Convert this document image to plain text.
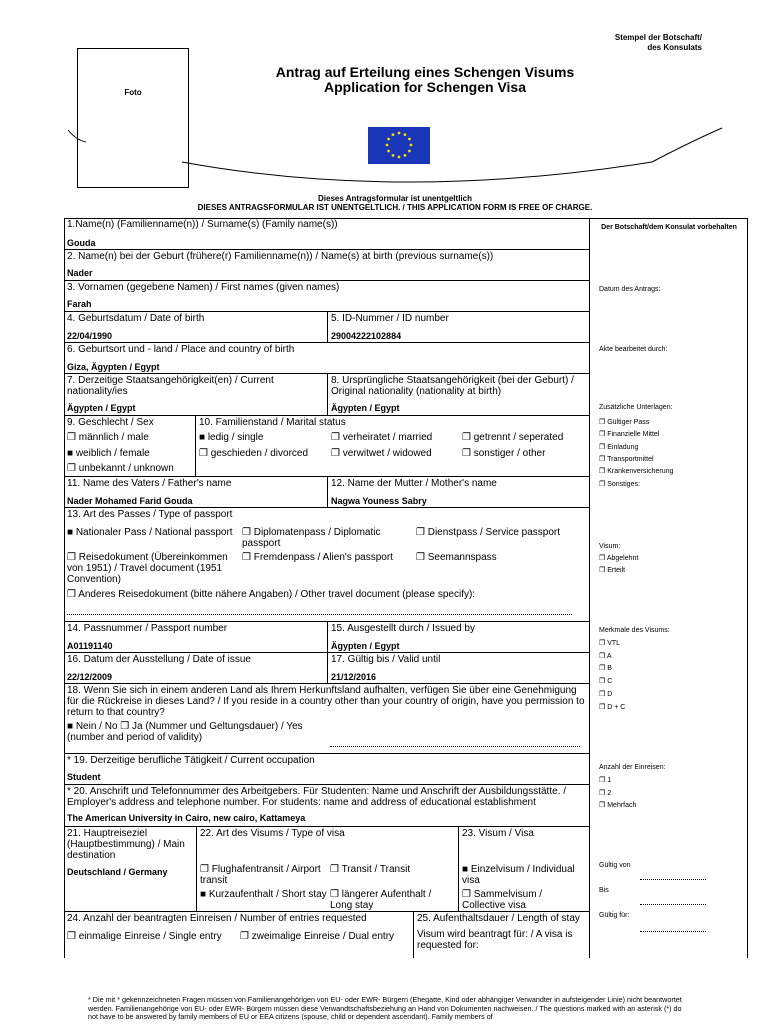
Foto
Stempel der Botschaft/
des Konsulats
Antrag auf Erteilung eines Schengen Visums
Application for Schengen Visa
Dieses Antragsformular ist unentgeltlich
DIESES ANTRAGSFORMULAR IST UNENTGELTLICH. / THIS APPLICATION FORM IS FREE OF CHARGE.
1.Name(n) (Familienname(n)) / Surname(s) (Family name(s))
Gouda
2. Name(n) bei der Geburt (frühere(r) Familienname(n)) / Name(s) at birth (previous surname(s))
Nader
3. Vornamen (gegebene Namen) / First names (given names)
Farah
4. Geburtsdatum / Date of birth
22/04/1990
5. ID-Nummer / ID number
29004222102884
6. Geburtsort und - land / Place and country of birth
Giza, Ägypten / Egypt
7. Derzeitige Staatsangehörigkeit(en) / Current nationality/ies
Ägypten / Egypt
8. Ursprüngliche Staatsangehörigkeit (bei der Geburt) / Original nationality (nationality at birth)
Ägypten / Egypt
9. Geschlecht / Sex
❐ männlich / male
■ weiblich / female
❐ unbekannt / unknown
10. Familienstand / Marital status
■ ledig / single	❐ verheiratet / married	❐ getrennt / seperated
❐ geschieden / divorced ❐ verwitwet / widowed	❐ sonstiger / other
11. Name des Vaters / Father's name
Nader Mohamed Farid Gouda
12. Name der Mutter / Mother's name
Nagwa Youness Sabry
13. Art des Passes / Type of passport
■ Nationaler Pass / National passport ❐ Diplomatenpass / Diplomatic passport
❐ Dienstpass / Service passport
❐ Reisedokument (Übereinkommen von 1951) / Travel document (1951 Convention)
❐ Fremdenpass / Alien's passport ❐ Seemannspass
❐ Anderes Reisedokument (bitte nähere Angaben) / Other travel document (please specify):
14. Passnummer / Passport number
A01191140
15. Ausgestellt durch / Issued by
Ägypten / Egypt
16. Datum der Ausstellung / Date of issue
22/12/2009
17. Gültig bis / Valid until
21/12/2016
18. Wenn Sie sich in einem anderen Land als Ihrem Herkunftsland aufhalten, verfügen Sie über eine Genehmigung für die Rückreise in dieses Land? / If you reside in a country other than your country of origin, have you permission to return to that country?
■ Nein / No ❐ Ja (Nummer und Geltungsdauer) / Yes (number and period of validity)
* 19. Derzeitige berufliche Tätigkeit / Current occupation
Student
* 20. Anschrift und Telefonnummer des Arbeitgebers. Für Studenten: Name und Anschrift der Ausbildungsstätte. / Employer's address and telephone number. For students: name and address of educational establishment
The American University in Cairo, new cairo, Kattameya
21. Hauptreiseziel (Hauptbestimmung) / Main destination
Deutschland / Germany
22. Art des Visums / Type of visa
❐ Flughafentransit / Airport transit
❐ Transit / Transit
■ Kurzaufenthalt / Short stay ❐ längerer Aufenthalt / Long stay
23. Visum / Visa
■ Einzelvisum / Individual visa
❐ Sammelvisum / Collective visa
24. Anzahl der beantragten Einreisen / Number of entries requested
❐ einmalige Einreise / Single entry ❐ zweimalige Einreise / Dual entry
25. Aufenthaltsdauer / Length of stay
Visum wird beantragt für: / A visa is requested for:
Der Botschaft/dem Konsulat vorbehalten
Datum des Antrags:
Akte bearbeitet durch:
Zusätzliche Unterlagen:
❐ Gültiger Pass
❐ Finanzielle Mittel
❐ Einladung
❐ Transportmittel
❐ Krankenversicherung
❐ Sonstiges:
Visum:
❐ Abgelehnt
❐ Erteilt
Merkmale des Visums:
❐ VTL
❐ A
❐ B
❐ C
❐ D
❐ D + C
Anzahl der Einreisen:
❐ 1
❐ 2
❐ Mehrfach
Gültig von
Bis
Gültig für:
* Die mit * gekennzeichneten Fragen müssen von Familienangehörigen von EU- oder EWR- Bürgern (Ehegatte, Kind oder abhängiger Verwandter in aufsteigender Linie) nicht beantwortet werden. Familienangehörige von EU- oder EWR- Bürgern müssen diese Verwandtschaftsbeziehung an Hand von Dokumenten nachweisen. / The questions marked with an asterisk (*) do not have to be answered by family members of EU or EEA citizens (spouse, child or dependent ascendant). Family members of
